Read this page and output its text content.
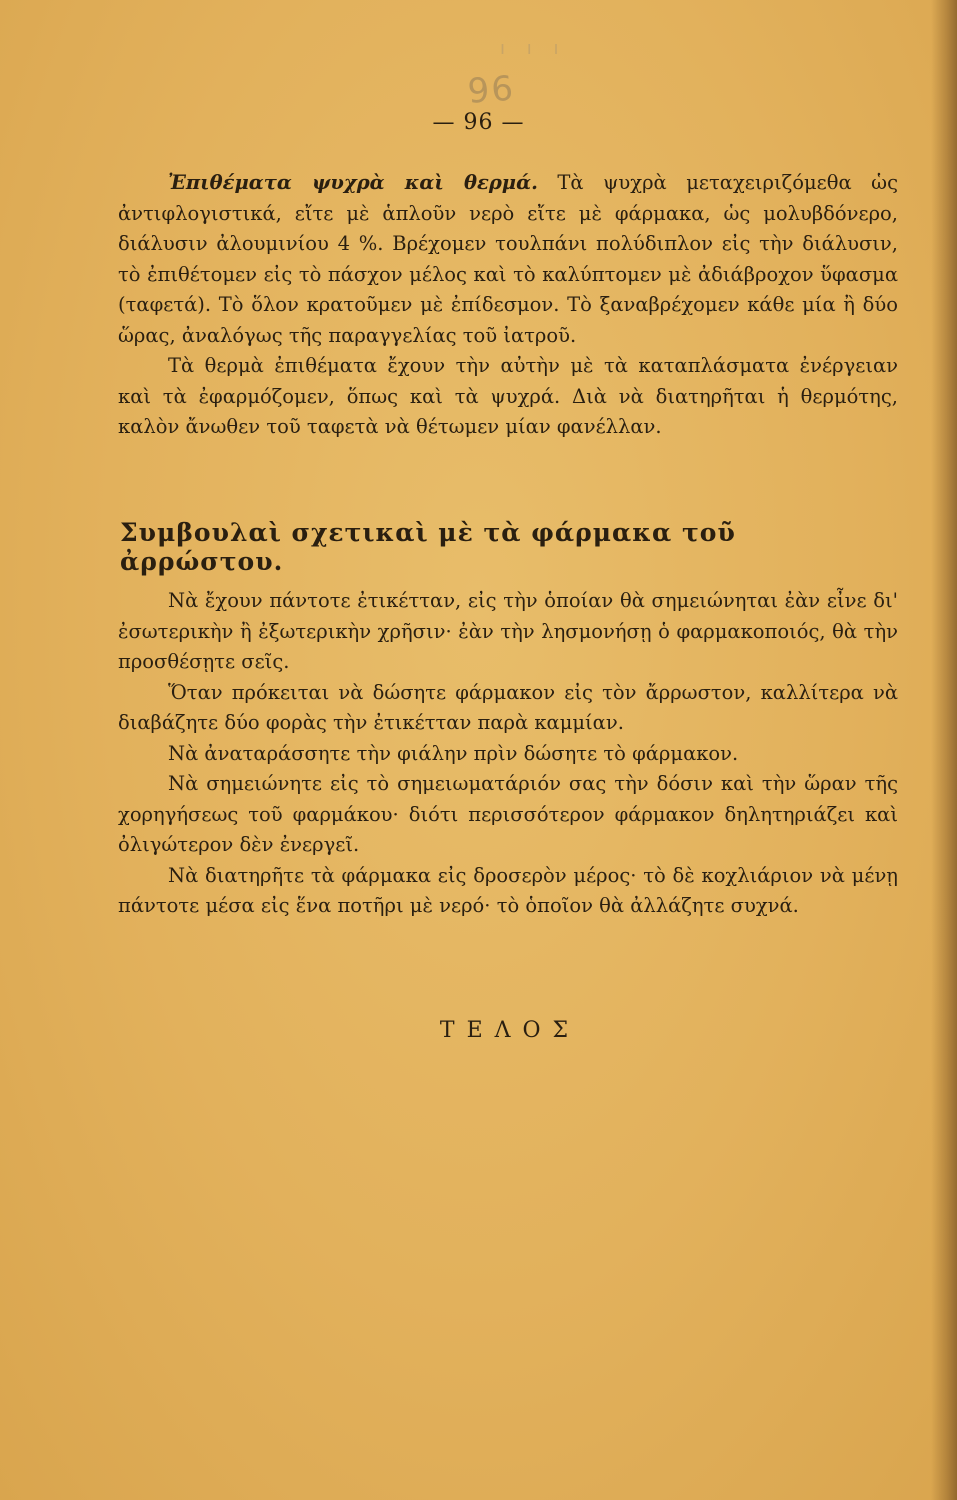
96
ı ı ı
— 96 —

Ἐπιθέματα ψυχρὰ καὶ θερμά. Τὰ ψυχρὰ μεταχειριζόμεθα ὡς ἀντιφλογιστικά, εἴτε μὲ ἁπλοῦν νερὸ εἴτε μὲ φάρμακα, ὡς μολυβδόνερο, διάλυσιν ἀλουμινίου 4 %. Βρέχομεν τουλπάνι πολύδιπλον εἰς τὴν διάλυσιν, τὸ ἐπιθέτομεν εἰς τὸ πάσχον μέλος καὶ τὸ καλύπτομεν μὲ ἀδιάβροχον ὕφασμα (ταφετά). Τὸ ὅλον κρατοῦμεν μὲ ἐπίδεσμον. Τὸ ξαναβρέχομεν κάθε μία ἢ δύο ὥρας, ἀναλόγως τῆς παραγγελίας τοῦ ἰατροῦ.

Τὰ θερμὰ ἐπιθέματα ἔχουν τὴν αὐτὴν μὲ τὰ καταπλάσματα ἐνέργειαν καὶ τὰ ἐφαρμόζομεν, ὅπως καὶ τὰ ψυχρά. Διὰ νὰ διατηρῆται ἡ θερμότης, καλὸν ἄνωθεν τοῦ ταφετὰ νὰ θέτωμεν μίαν φανέλλαν.

Συμβουλαὶ σχετικαὶ μὲ τὰ φάρμακα τοῦ ἀρρώστου.

Νὰ ἔχουν πάντοτε ἐτικέτταν, εἰς τὴν ὁποίαν θὰ σημειώνηται ἐὰν εἶνε δι' ἐσωτερικὴν ἢ ἐξωτερικὴν χρῆσιν· ἐὰν τὴν λησμονήσῃ ὁ φαρμακοποιός, θὰ τὴν προσθέσῃτε σεῖς.

Ὅταν πρόκειται νὰ δώσητε φάρμακον εἰς τὸν ἄρρωστον, καλλίτερα νὰ διαβάζητε δύο φορὰς τὴν ἐτικέτταν παρὰ καμμίαν.

Νὰ ἀναταράσσητε τὴν φιάλην πρὶν δώσητε τὸ φάρμακον.

Νὰ σημειώνητε εἰς τὸ σημειωματάριόν σας τὴν δόσιν καὶ τὴν ὥραν τῆς χορηγήσεως τοῦ φαρμάκου· διότι περισσότερον φάρμακον δηλητηριάζει καὶ ὀλιγώτερον δὲν ἐνεργεῖ.

Νὰ διατηρῆτε τὰ φάρμακα εἰς δροσερὸν μέρος· τὸ δὲ κοχλιάριον νὰ μένῃ πάντοτε μέσα εἰς ἕνα ποτῆρι μὲ νερό· τὸ ὁποῖον θὰ ἀλλάζητε συχνά.

ΤΕΛΟΣ
